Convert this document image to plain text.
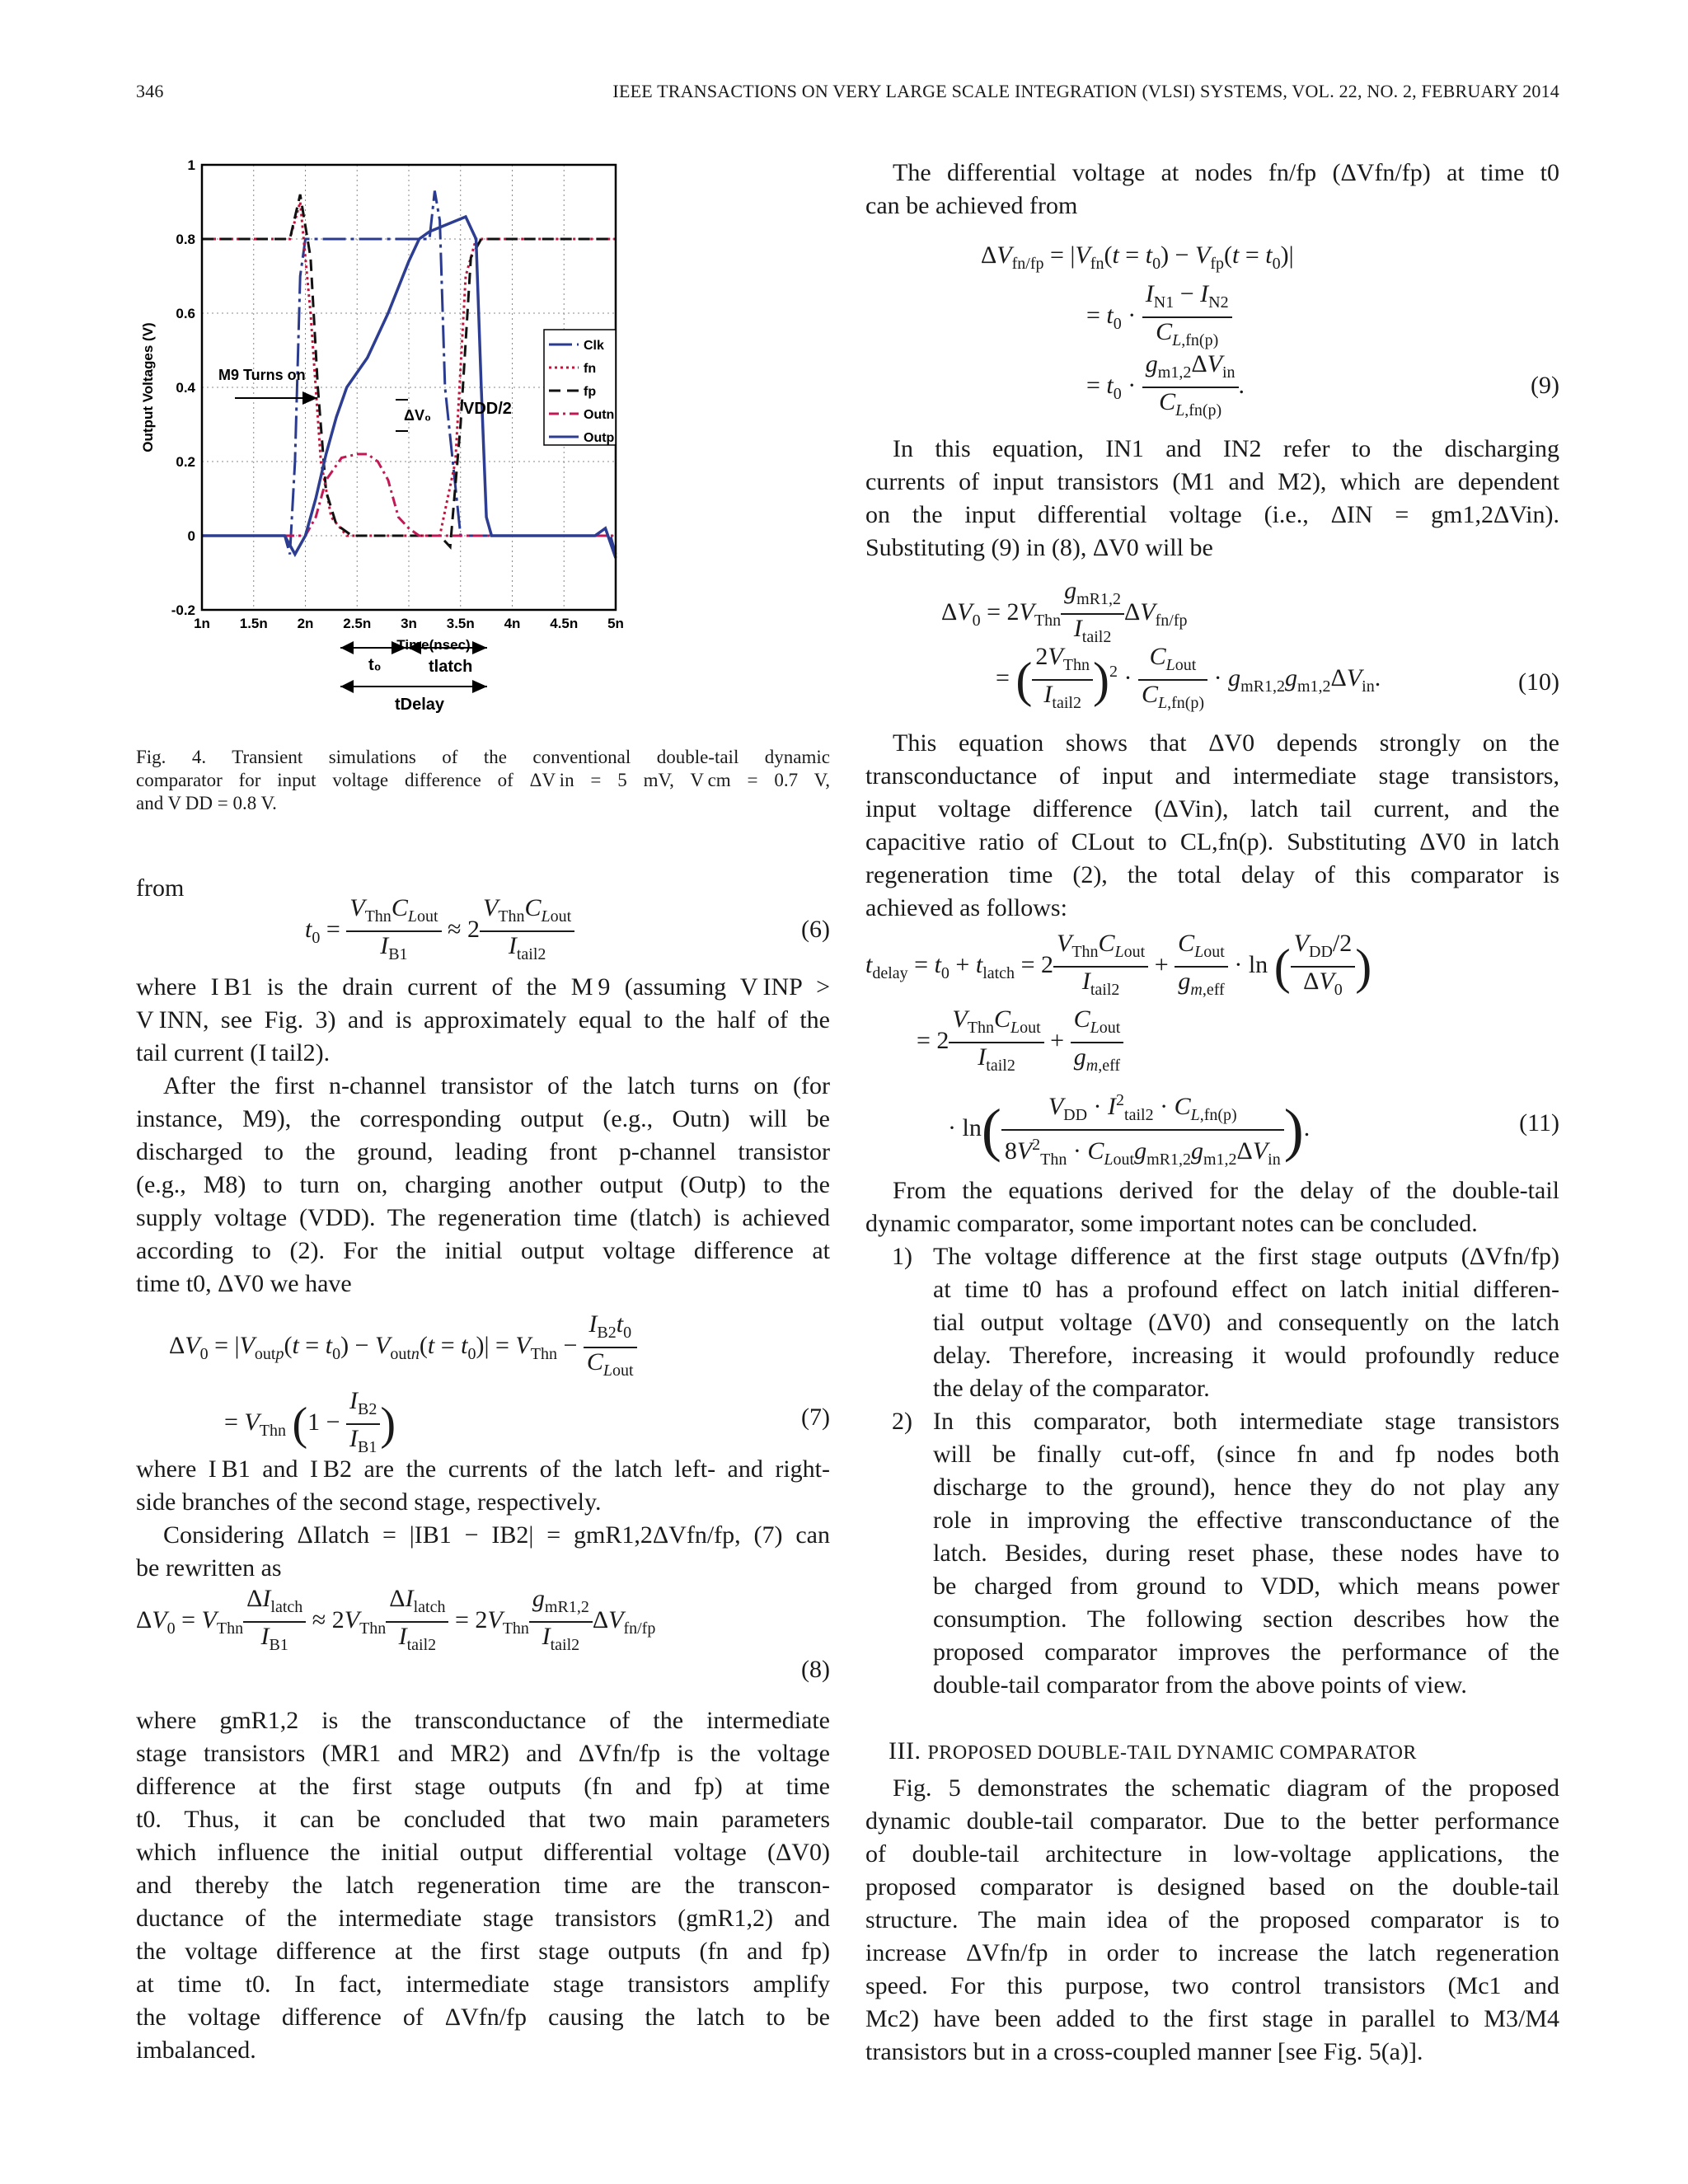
346	IEEE TRANSACTIONS ON VERY LARGE SCALE INTEGRATION (VLSI) SYSTEMS, VOL. 22, NO. 2, FEBRUARY 2014
1n 1.5n 2n 2.5n 3n 3.5n 4n 4.5n 5n
-0.2
0
0.2
0.4
0.6
0.8
1
Output Voltages (V)
Time(nsec)
Clk
fn
fp
Outn
Outp
M9 Turns on
ΔV₀ VDD/2
t₀	tlatch
tDelay
Fig. 4. Transient simulations of the conventional double-tail dynamic
comparator for input voltage difference of ΔV in = 5 mV, V cm = 0.7 V,
and V DD = 0.8 V.
from
$t_0 = \frac{V_{Thn}C_{Lout}}{I_{B1}} \approx 2 \frac{V_{Thn}C_{Lout}}{I_{tail2}}$	(6)
where I B1 is the drain current of the M 9 (assuming V INP >
V INN, see Fig. 3) and is approximately equal to the half of the
tail current (I tail2).
After the first n-channel transistor of the latch turns on (for
instance, M9), the corresponding output (e.g., Outn) will be
discharged to the ground, leading front p-channel transistor
(e.g., M8) to turn on, charging another output (Outp) to the
supply voltage (VDD). The regeneration time (tlatch) is achieved
according to (2). For the initial output voltage difference at
time t0, ΔV0 we have
$\Delta V_0 = |V_{outp}(t = t_0) - V_{outn}(t = t_0)| = V_{Thn} - \frac{I_{B2}t_0}{C_{Lout}}$
= $V_{Thn}$ ($1 - \frac{I_{B2}}{I_{B1}}$ )	(7)
where I B1 and I B2 are the currents of the latch left- and right-
side branches of the second stage, respectively.
Considering ΔIlatch = |IB1 − IB2| = gmR1,2ΔVfn/fp, (7) can
be rewritten as
$\Delta V_0 = V_{Thn} \frac{\Delta I_{latch}}{I_{B1}} \approx 2V_{Thn} \frac{\Delta I_{latch}}{I_{tail2}} = 2V_{Thn} \frac{g_{mR1,2}}{I_{tail2}} \Delta V_{fn/fp}$
(8)
where gmR1,2 is the transconductance of the intermediate
stage transistors (MR1 and MR2) and ΔVfn/fp is the voltage
difference at the first stage outputs (fn and fp) at time
t0. Thus, it can be concluded that two main parameters
which influence the initial output differential voltage (ΔV0)
and thereby the latch regeneration time are the transcon-
ductance of the intermediate stage transistors (gmR1,2) and
the voltage difference at the first stage outputs (fn and fp)
at time t0. In fact, intermediate stage transistors amplify
the voltage difference of ΔVfn/fp causing the latch to be
imbalanced.
The differential voltage at nodes fn/fp (ΔVfn/fp) at time t0
can be achieved from
$\Delta V_{fn/fp} = |V_{fn}(t = t_0) - V_{fp}(t = t_0)|$
= $t_0 \cdot \frac{I_{N1} - I_{N2}}{C_{L,fn(p)}}$
= $t_0 \cdot \frac{g_{m1,2}\Delta V_{in}}{C_{L,fn(p)}}$ .	(9)
In this equation, IN1 and IN2 refer to the discharging
currents of input transistors (M1 and M2), which are dependent
on the input differential voltage (i.e., ΔIN = gm1,2ΔVin).
Substituting (9) in (8), ΔV0 will be
$\Delta V_0 = 2V_{Thn} \frac{g_{mR1,2}}{I_{tail2}} \Delta V_{fn/fp}$
= ( $\frac{2V_{Thn}}{I_{tail2}} )^2 \cdot \frac{C_{Lout}}{C_{L,fn(p)}} \cdot g_{mR1,2}g_{m1,2}\Delta V_{in}$.	(10)
This equation shows that ΔV0 depends strongly on the
transconductance of input and intermediate stage transistors,
input voltage difference (ΔVin), latch tail current, and the
capacitive ratio of CLout to CL,fn(p). Substituting ΔV0 in latch
regeneration time (2), the total delay of this comparator is
achieved as follows:
$t_{delay} = t_0 + t_{latch} = 2 \frac{V_{Thn}C_{Lout}}{I_{tail2}} + \frac{C_{Lout}}{g_{m,eff}} \cdot \ln$ ( $\frac{V_{DD}/2}{\Delta V_0}$ )
= $2 \frac{V_{Thn}C_{Lout}}{I_{tail2}} + \frac{C_{Lout}}{g_{m,eff}}$
· $\ln( \frac{V_{DD} \cdot I^2_{tail2} \cdot C_{L,fn(p)}}{8V^2_{Thn} \cdot C_{Lout}g_{mR1,2}g_{m1,2}\Delta V_{in}}$ ).	(11)
From the equations derived for the delay of the double-tail
dynamic comparator, some important notes can be concluded.
1) The voltage difference at the first stage outputs (ΔVfn/fp)
at time t0 has a profound effect on latch initial differen-
tial output voltage (ΔV0) and consequently on the latch
delay. Therefore, increasing it would profoundly reduce
the delay of the comparator.
2) In this comparator, both intermediate stage transistors
will be finally cut-off, (since fn and fp nodes both
discharge to the ground), hence they do not play any
role in improving the effective transconductance of the
latch. Besides, during reset phase, these nodes have to
be charged from ground to VDD, which means power
consumption. The following section describes how the
proposed comparator improves the performance of the
double-tail comparator from the above points of view.
Fig. 5 demonstrates the schematic diagram of the proposed
dynamic double-tail comparator. Due to the better performance
of double-tail architecture in low-voltage applications, the
proposed comparator is designed based on the double-tail
structure. The main idea of the proposed comparator is to
increase ΔVfn/fp in order to increase the latch regeneration
speed. For this purpose, two control transistors (Mc1 and
Mc2) have been added to the first stage in parallel to M3/M4
transistors but in a cross-coupled manner [see Fig. 5(a)].
III. PROPOSED DOUBLE-TAIL DYNAMIC COMPARATOR
